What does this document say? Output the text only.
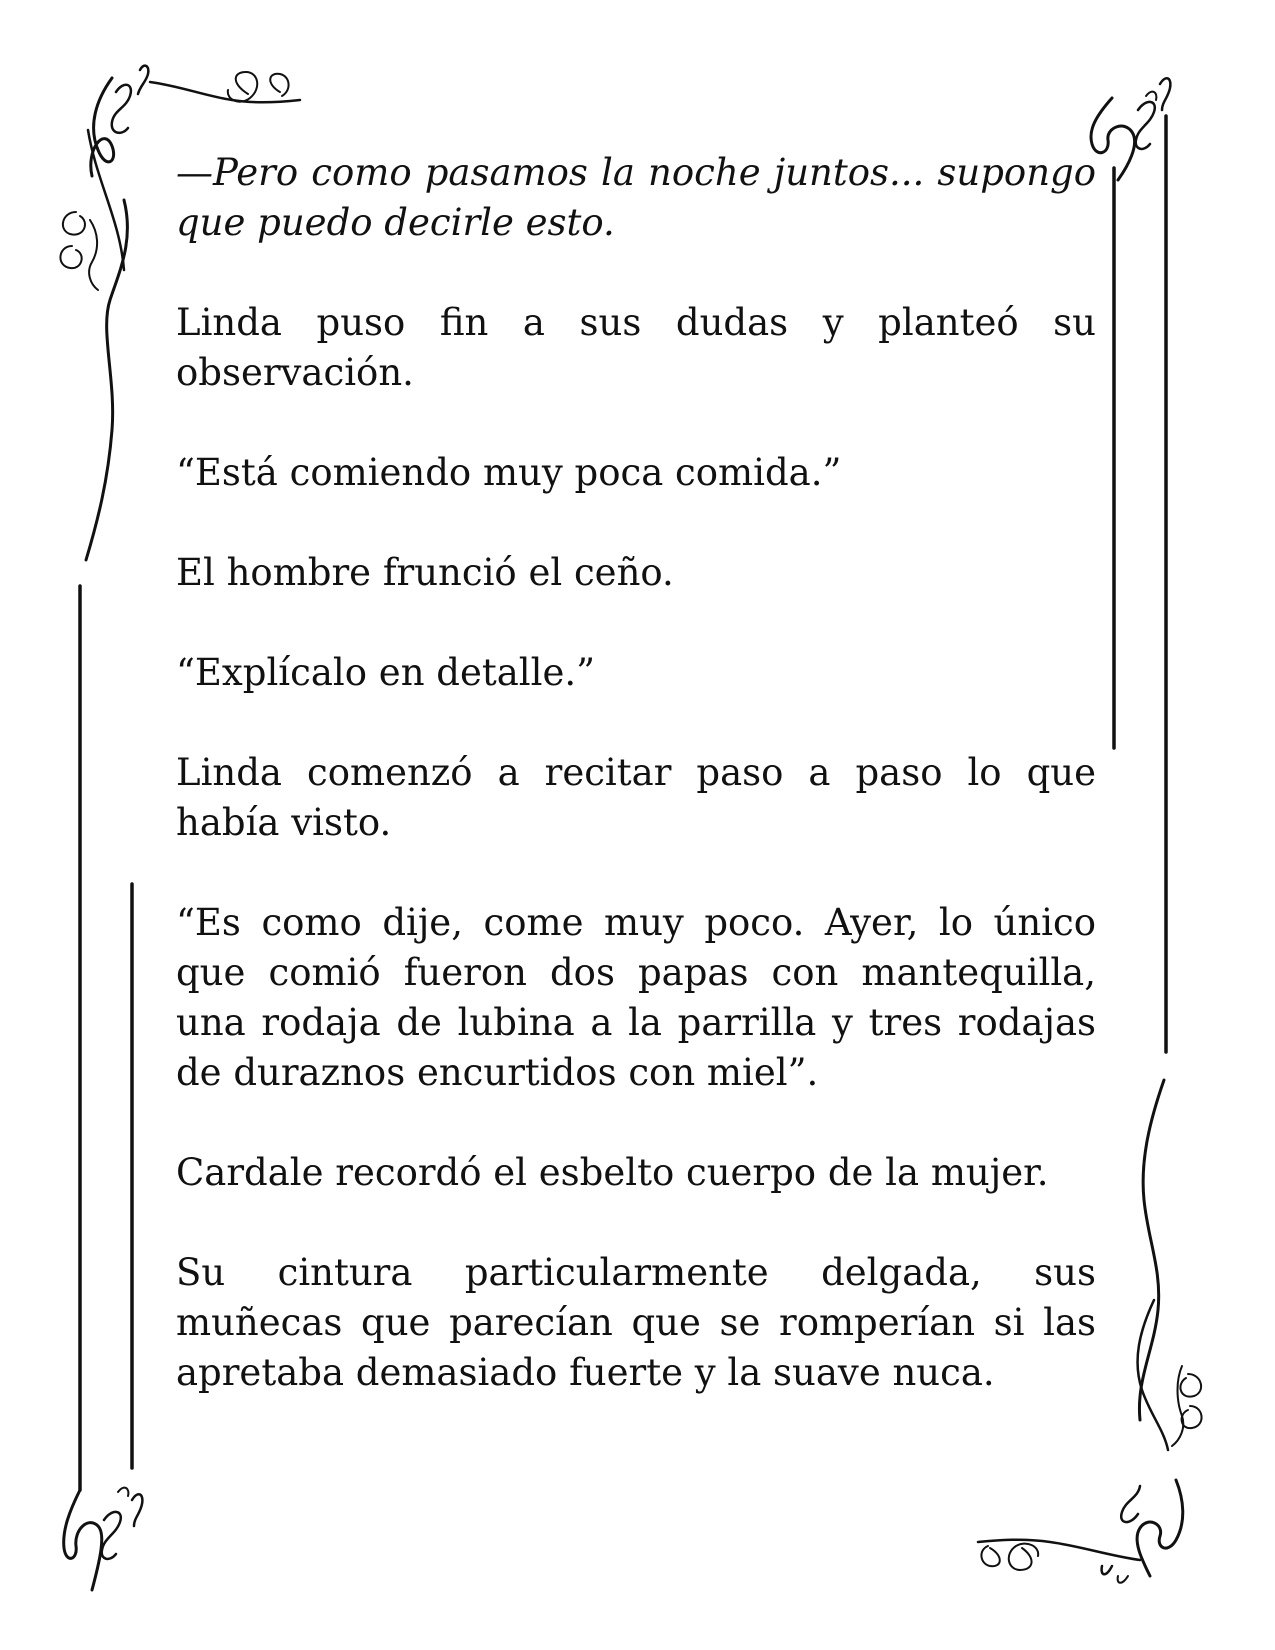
—Pero como pasamos la noche juntos... supongo que puedo decirle esto.

Linda puso fin a sus dudas y planteó su observación.

“Está comiendo muy poca comida.”

El hombre frunció el ceño.

“Explícalo en detalle.”

Linda comenzó a recitar paso a paso lo que había visto.

“Es como dije, come muy poco. Ayer, lo único que comió fueron dos papas con mantequilla, una rodaja de lubina a la parrilla y tres rodajas de duraznos encurtidos con miel”.

Cardale recordó el esbelto cuerpo de la mujer.

Su cintura particularmente delgada, sus muñecas que parecían que se romperían si las apretaba demasiado fuerte y la suave nuca.
